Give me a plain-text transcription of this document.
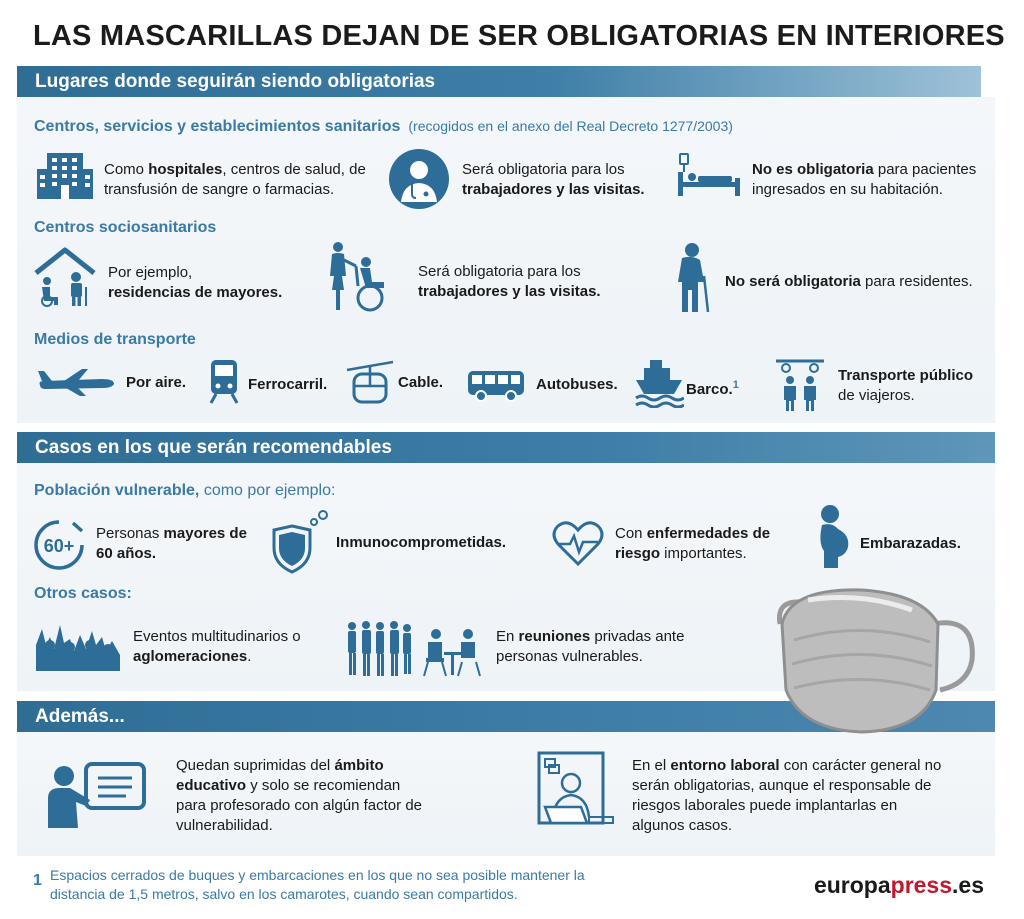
LAS MASCARILLAS DEJAN DE SER OBLIGATORIAS EN INTERIORES
Lugares donde seguirán siendo obligatorias
Centros, servicios y establecimientos sanitarios (recogidos en el anexo del Real Decreto 1277/2003)
Como hospitales, centros de salud, de transfusión de sangre o farmacias.
Será obligatoria para los trabajadores y las visitas.
No es obligatoria para pacientes ingresados en su habitación.
Centros sociosanitarios
Por ejemplo,
residencias de mayores.
Será obligatoria para los trabajadores y las visitas.
No será obligatoria para residentes.
Medios de transporte
Por aire.	Ferrocarril.	Cable.	Autobuses.	Barco.$^1$
Transporte público
de viajeros.
Casos en los que serán recomendables
Población vulnerable, como por ejemplo:
60+
Personas mayores de 60 años.
Inmunocomprometidas.
Con enfermedades de riesgo importantes.
Embarazadas.
Otros casos:
Eventos multitudinarios o aglomeraciones.
En reuniones privadas ante personas vulnerables.
Además...
Quedan suprimidas del ámbito educativo y solo se recomiendan para profesorado con algún factor de vulnerabilidad.
En el entorno laboral con carácter general no serán obligatorias, aunque el responsable de riesgos laborales puede implantarlas en algunos casos.
1 Espacios cerrados de buques y embarcaciones en los que no sea posible mantener la distancia de 1,5 metros, salvo en los camarotes, cuando sean compartidos.	europapress.es
